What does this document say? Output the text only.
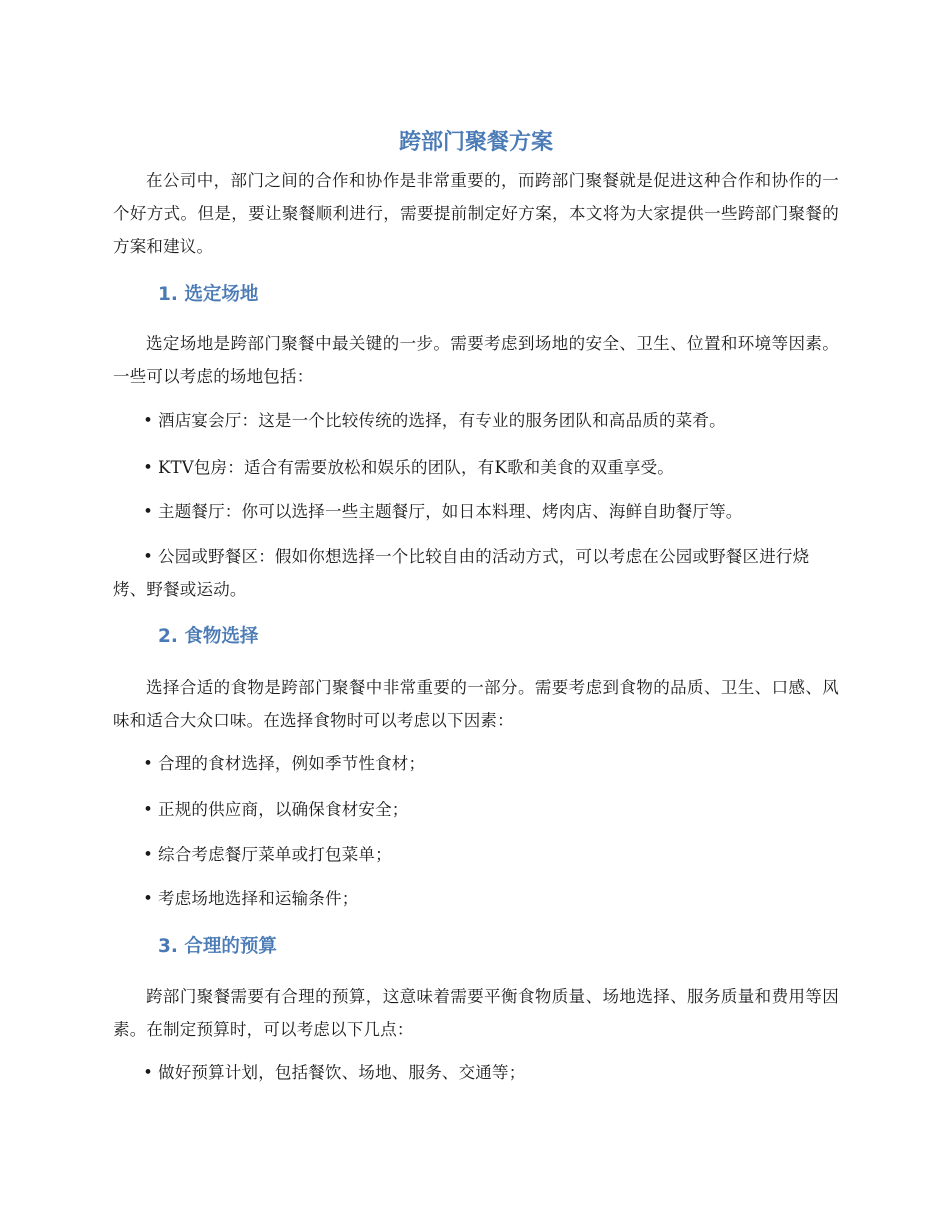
跨部门聚餐方案

在公司中，部门之间的合作和协作是非常重要的，而跨部门聚餐就是促进这种合作和协作的一个好方式。但是，要让聚餐顺利进行，需要提前制定好方案，本文将为大家提供一些跨部门聚餐的方案和建议。

1. 选定场地

选定场地是跨部门聚餐中最关键的一步。需要考虑到场地的安全、卫生、位置和环境等因素。一些可以考虑的场地包括：

• 酒店宴会厅：这是一个比较传统的选择，有专业的服务团队和高品质的菜肴。

• KTV包房：适合有需要放松和娱乐的团队，有K歌和美食的双重享受。

• 主题餐厅：你可以选择一些主题餐厅，如日本料理、烤肉店、海鲜自助餐厅等。

• 公园或野餐区：假如你想选择一个比较自由的活动方式，可以考虑在公园或野餐区进行烧烤、野餐或运动。

2. 食物选择

选择合适的食物是跨部门聚餐中非常重要的一部分。需要考虑到食物的品质、卫生、口感、风味和适合大众口味。在选择食物时可以考虑以下因素：

• 合理的食材选择，例如季节性食材；

• 正规的供应商，以确保食材安全；

• 综合考虑餐厅菜单或打包菜单；

• 考虑场地选择和运输条件；

3. 合理的预算

跨部门聚餐需要有合理的预算，这意味着需要平衡食物质量、场地选择、服务质量和费用等因素。在制定预算时，可以考虑以下几点：

• 做好预算计划，包括餐饮、场地、服务、交通等；
